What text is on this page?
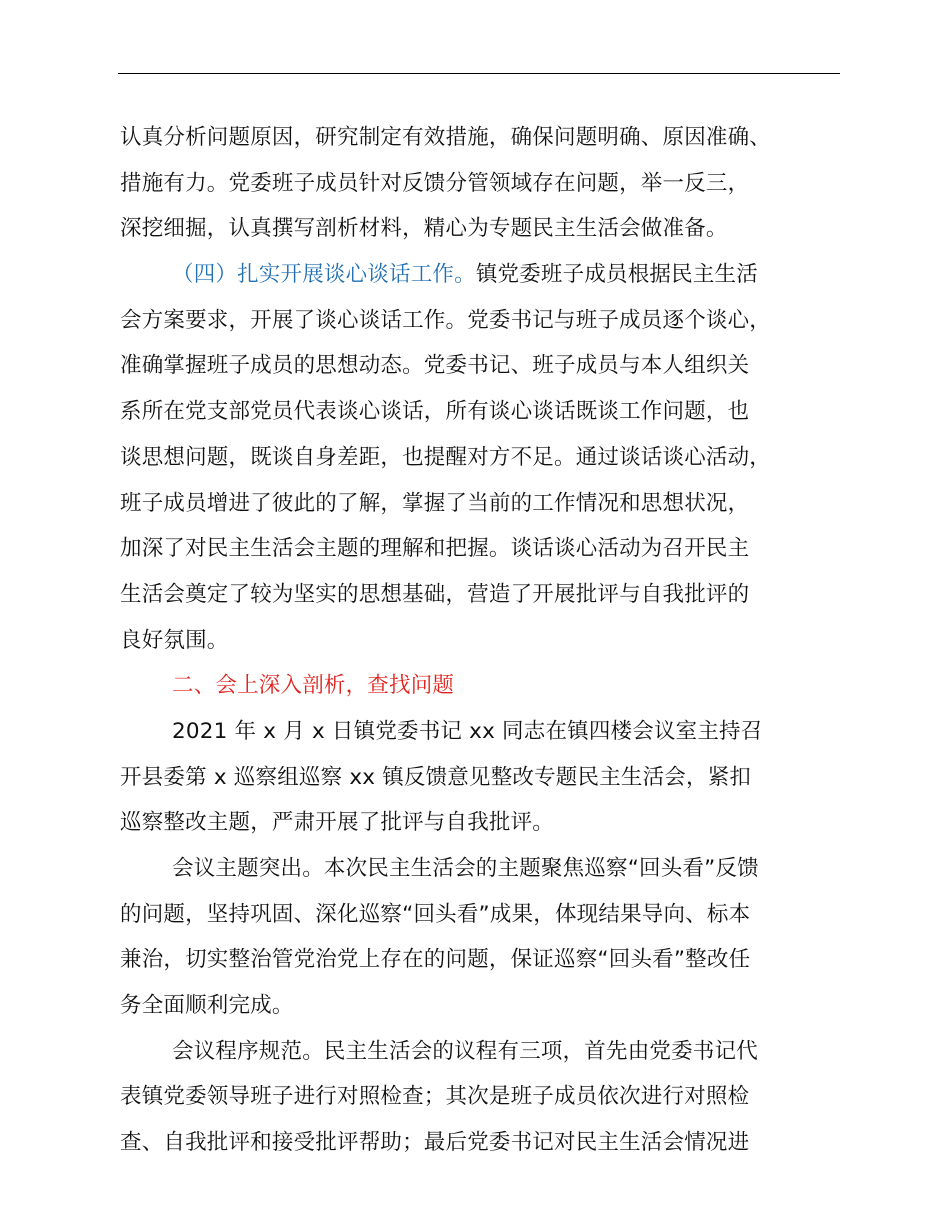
认真分析问题原因，研究制定有效措施，确保问题明确、原因准确、
措施有力。党委班子成员针对反馈分管领域存在问题，举一反三，
深挖细掘，认真撰写剖析材料，精心为专题民主生活会做准备。
（四）扎实开展谈心谈话工作。镇党委班子成员根据民主生活
会方案要求，开展了谈心谈话工作。党委书记与班子成员逐个谈心，
准确掌握班子成员的思想动态。党委书记、班子成员与本人组织关
系所在党支部党员代表谈心谈话，所有谈心谈话既谈工作问题，也
谈思想问题，既谈自身差距，也提醒对方不足。通过谈话谈心活动，
班子成员增进了彼此的了解，掌握了当前的工作情况和思想状况，
加深了对民主生活会主题的理解和把握。谈话谈心活动为召开民主
生活会奠定了较为坚实的思想基础，营造了开展批评与自我批评的
良好氛围。
二、会上深入剖析，查找问题
2021 年 x 月 x 日镇党委书记 xx 同志在镇四楼会议室主持召
开县委第 x 巡察组巡察 xx 镇反馈意见整改专题民主生活会，紧扣
巡察整改主题，严肃开展了批评与自我批评。
会议主题突出。本次民主生活会的主题聚焦巡察“回头看”反馈
的问题，坚持巩固、深化巡察“回头看”成果，体现结果导向、标本
兼治，切实整治管党治党上存在的问题，保证巡察“回头看”整改任
务全面顺利完成。
会议程序规范。民主生活会的议程有三项，首先由党委书记代
表镇党委领导班子进行对照检查；其次是班子成员依次进行对照检
查、自我批评和接受批评帮助；最后党委书记对民主生活会情况进
